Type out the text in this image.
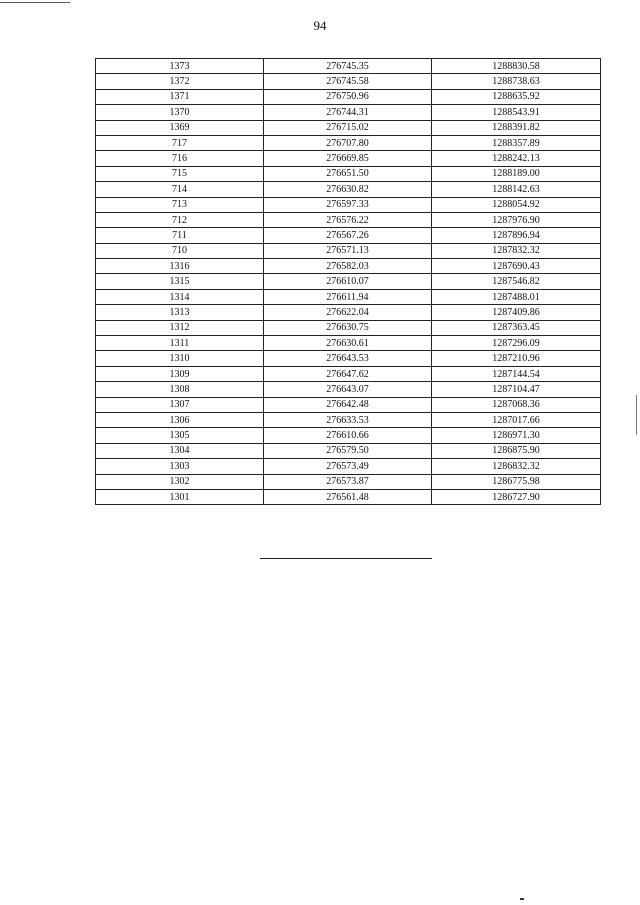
94
1373	276745.35	1288830.58
1372	276745.58	1288738.63
1371	276750.96	1288635.92
1370	276744.31	1288543.91
1369	276715.02	1288391.82
717	276707.80	1288357.89
716	276669.85	1288242.13
715	276651.50	1288189.00
714	276630.82	1288142.63
713	276597.33	1288054.92
712	276576.22	1287976.90
711	276567.26	1287896.94
710	276571.13	1287832.32
1316	276582.03	1287690.43
1315	276610.07	1287546.82
1314	276611.94	1287488.01
1313	276622.04	1287409.86
1312	276630.75	1287363.45
1311	276630.61	1287296.09
1310	276643.53	1287210.96
1309	276647.62	1287144.54
1308	276643.07	1287104.47
1307	276642.48	1287068.36
1306	276633.53	1287017.66
1305	276610.66	1286971.30
1304	276579.50	1286875.90
1303	276573.49	1286832.32
1302	276573.87	1286775.98
1301	276561.48	1286727.90
